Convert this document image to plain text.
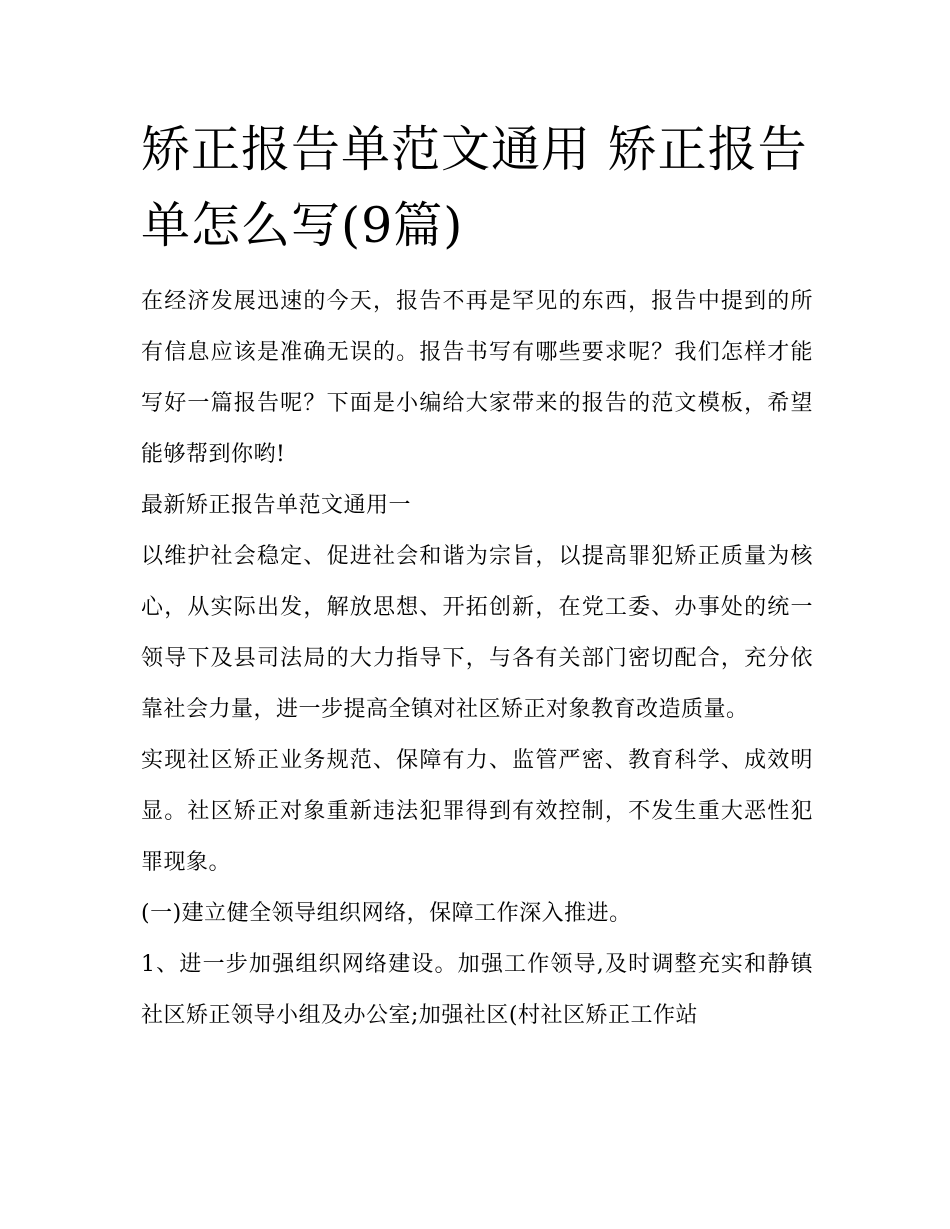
矫正报告单范文通用 矫正报告单怎么写(9篇)

在经济发展迅速的今天，报告不再是罕见的东西，报告中提到的所有信息应该是准确无误的。报告书写有哪些要求呢？我们怎样才能写好一篇报告呢？下面是小编给大家带来的报告的范文模板，希望能够帮到你哟!

最新矫正报告单范文通用一

以维护社会稳定、促进社会和谐为宗旨，以提高罪犯矫正质量为核心，从实际出发，解放思想、开拓创新，在党工委、办事处的统一领导下及县司法局的大力指导下，与各有关部门密切配合，充分依靠社会力量，进一步提高全镇对社区矫正对象教育改造质量。

实现社区矫正业务规范、保障有力、监管严密、教育科学、成效明显。社区矫正对象重新违法犯罪得到有效控制，不发生重大恶性犯罪现象。

(一)建立健全领导组织网络，保障工作深入推进。

1、进一步加强组织网络建设。加强工作领导,及时调整充实和静镇社区矫正领导小组及办公室;加强社区(村社区矫正工作站
